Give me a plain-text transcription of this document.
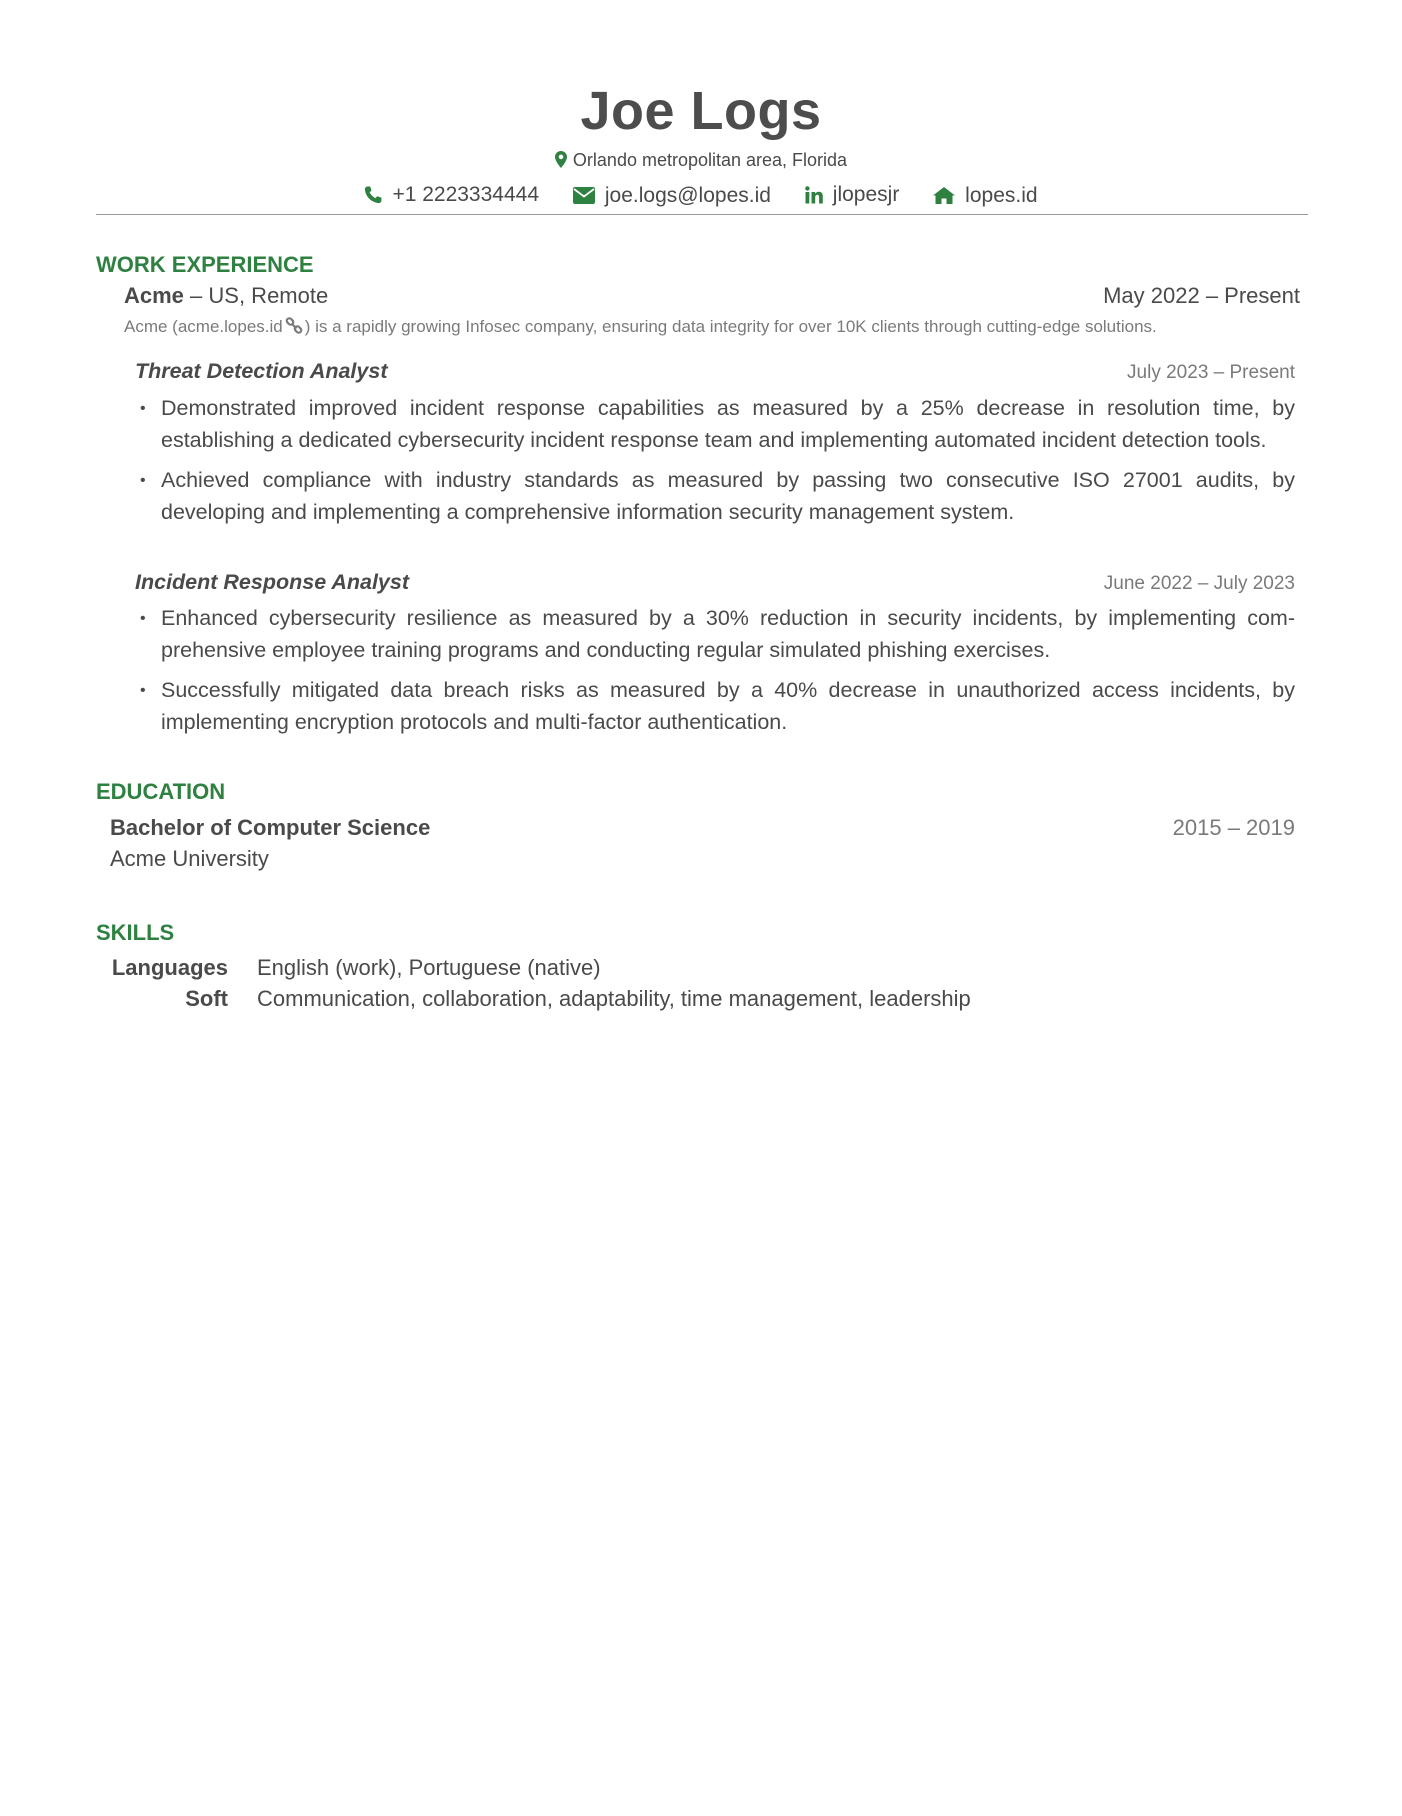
Joe Logs
Orlando metropolitan area, Florida
+1 2223334444
	joe.logs@lopes.id
	jlopesjr
	lopes.id
WORK EXPERIENCE
Acme – US, Remote	May 2022 – Present
Acme (acme.lopes.id ) is a rapidly growing Infosec company, ensuring data integrity for over 10K clients through cutting-edge solutions.
Threat Detection Analyst	July 2023 – Present
• Demonstrated improved incident response capabilities as measured by a 25% decrease in resolution time, by establishing a dedicated cybersecurity incident response team and implementing automated incident detection tools.
• Achieved compliance with industry standards as measured by passing two consecutive ISO 27001 audits, by developing and implementing a comprehensive information security management system.
Incident Response Analyst	June 2022 – July 2023
• Enhanced cybersecurity resilience as measured by a 30% reduction in security incidents, by implementing comprehensive employee training programs and conducting regular simulated phishing exercises.
• Successfully mitigated data breach risks as measured by a 40% decrease in unauthorized access incidents, by implementing encryption protocols and multi-factor authentication.
EDUCATION
Bachelor of Computer Science	2015 – 2019
Acme University
SKILLS
Languages English (work), Portuguese (native)
Soft Communication, collaboration, adaptability, time management, leadership
